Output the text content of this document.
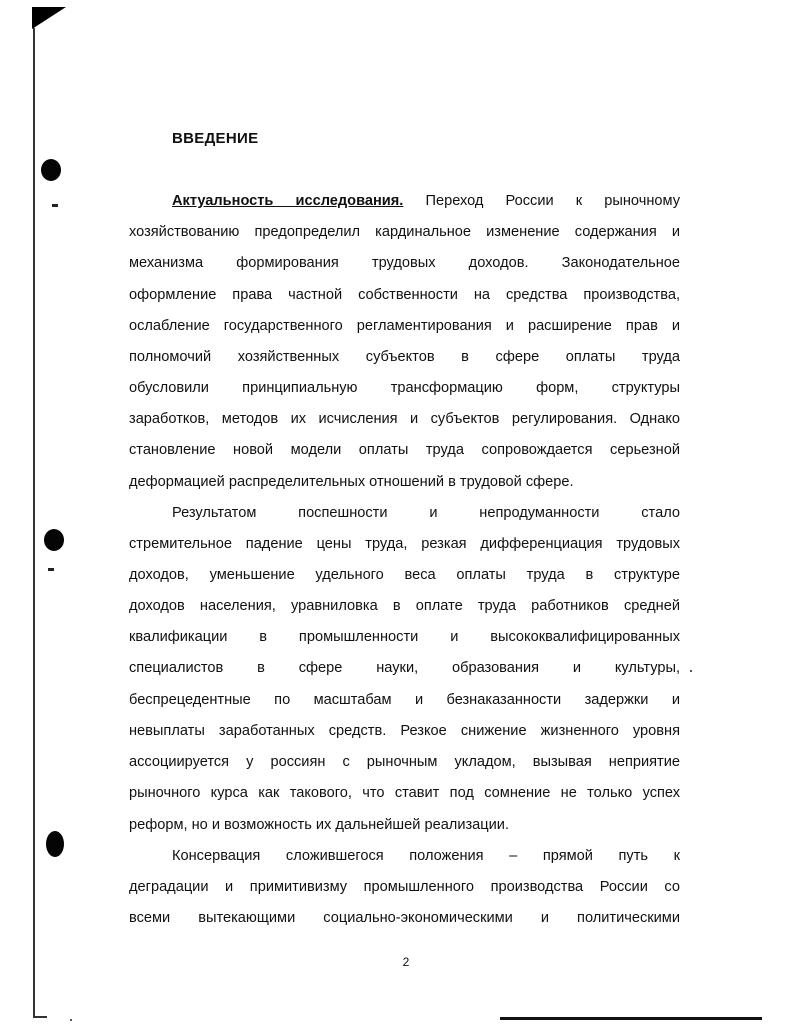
ВВЕДЕНИЕ
Актуальность исследования. Переход России к рыночному
хозяйствованию предопределил кардинальное изменение содержания и
механизма формирования трудовых доходов. Законодательное
оформление права частной собственности на средства производства,
ослабление государственного регламентирования и расширение прав и
полномочий хозяйственных субъектов в сфере оплаты труда
обусловили принципиальную трансформацию форм, структуры
заработков, методов их исчисления и субъектов регулирования. Однако
становление новой модели оплаты труда сопровождается серьезной
деформацией распределительных отношений в трудовой сфере.
Результатом поспешности и непродуманности стало
стремительное падение цены труда, резкая дифференциация трудовых
доходов, уменьшение удельного веса оплаты труда в структуре
доходов населения, уравниловка в оплате труда работников средней
квалификации в промышленности и высококвалифицированных
специалистов в сфере науки, образования и культуры,
беспрецедентные по масштабам и безнаказанности задержки и
невыплаты заработанных средств. Резкое снижение жизненного уровня
ассоциируется у россиян с рыночным укладом, вызывая неприятие
рыночного курса как такового, что ставит под сомнение не только успех
реформ, но и возможность их дальнейшей реализации.
Консервация сложившегося положения – прямой путь к
деградации и примитивизму промышленного производства России со
всеми вытекающими социально-экономическими и политическими
2
